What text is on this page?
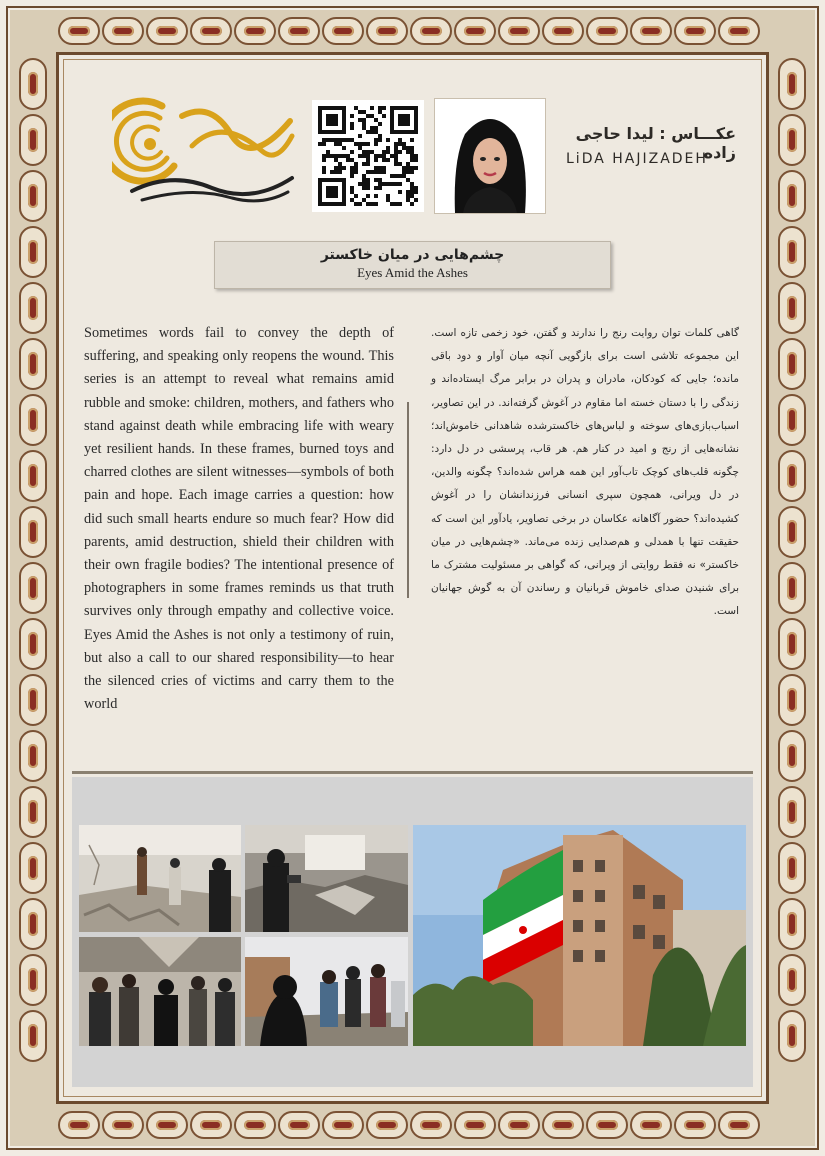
عکـــاس : لیدا حاجی زاده
LiDA HAJIZADEH
چشم‌هایی در میان خاکستر
Eyes Amid the Ashes
Sometimes words fail to convey the depth of suffering, and speaking only reopens the wound. This series is an attempt to reveal what remains amid rubble and smoke: children, mothers, and fathers who stand against death while embracing life with weary yet resilient hands. In these frames, burned toys and charred clothes are silent witnesses—symbols of both pain and hope. Each image carries a question: how did such small hearts endure so much fear? How did parents, amid destruction, shield their children with their own fragile bodies? The intentional presence of photographers in some frames reminds us that truth survives only through empathy and collective voice. Eyes Amid the Ashes is not only a testimony of ruin, but also a call to our shared responsibility—to hear the silenced cries of victims and carry them to the world
گاهی کلمات توان روایت رنج را ندارند و گفتن، خود زخمی تازه است. این مجموعه تلاشی است برای بازگویی آنچه میان آوار و دود باقی مانده؛ جایی که کودکان، مادران و پدران در برابر مرگ ایستاده‌اند و زندگی را با دستان خسته اما مقاوم در آغوش گرفته‌اند. در این تصاویر، اسباب‌بازی‌های سوخته و لباس‌های خاکسترشده شاهدانی خاموش‌اند؛ نشانه‌هایی از رنج و امید در کنار هم. هر قاب، پرسشی در دل دارد: چگونه قلب‌های کوچک تاب‌آور این همه هراس شده‌اند؟ چگونه والدین، در دل ویرانی، همچون سپری انسانی فرزندانشان را در آغوش کشیده‌اند؟ حضور آگاهانه عکاسان در برخی تصاویر، یادآور این است که حقیقت تنها با همدلی و هم‌صدایی زنده می‌ماند. «چشم‌هایی در میان خاکستر» نه فقط روایتی از ویرانی، که گواهی بر مسئولیت مشترک ما برای شنیدن صدای خاموش قربانیان و رساندن آن به گوش جهانیان است.
